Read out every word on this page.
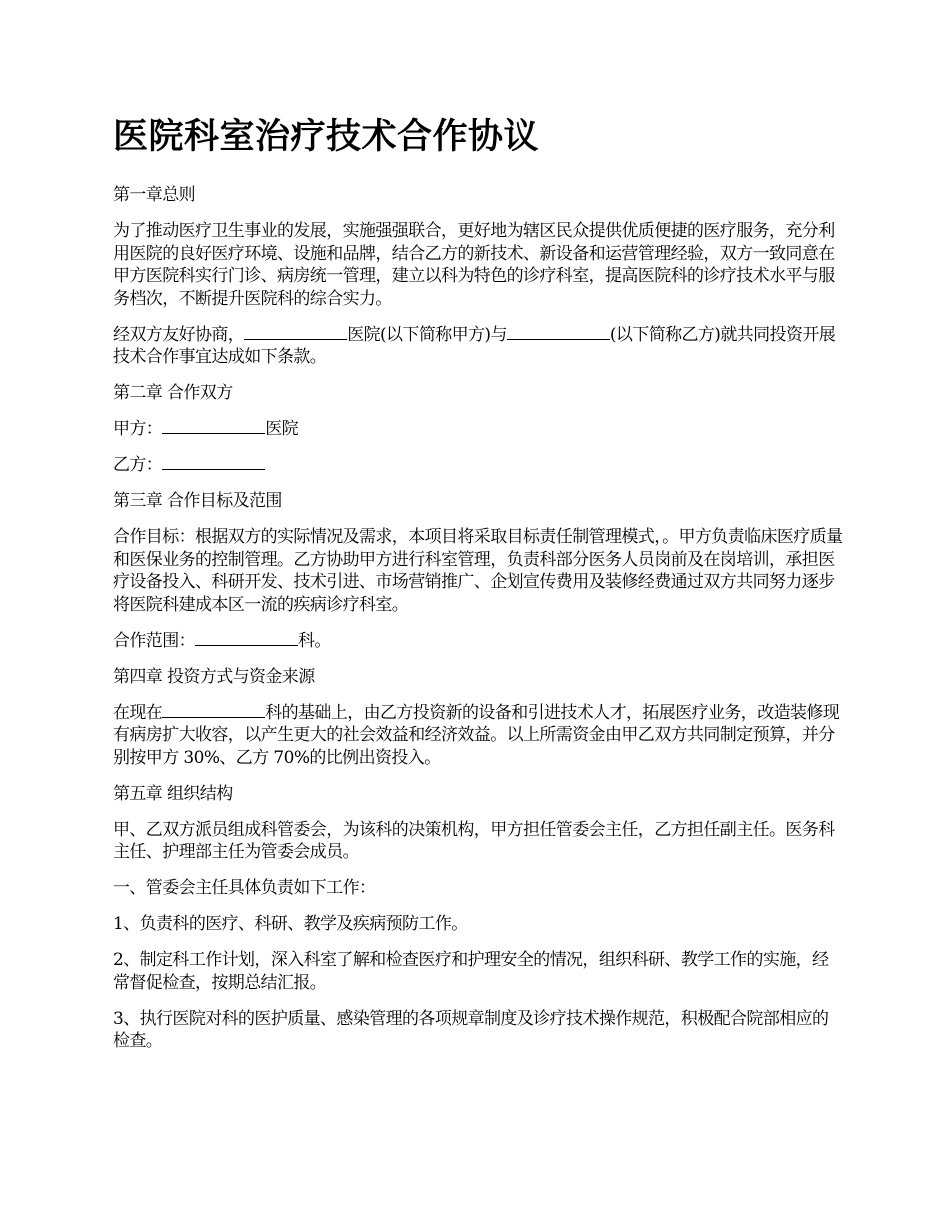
医院科室治疗技术合作协议

第一章总则

为了推动医疗卫生事业的发展，实施强强联合，更好地为辖区民众提供优质便捷的医疗服务，充分利用医院的良好医疗环境、设施和品牌，结合乙方的新技术、新设备和运营管理经验，双方一致同意在甲方医院科实行门诊、病房统一管理，建立以科为特色的诊疗科室，提高医院科的诊疗技术水平与服务档次，不断提升医院科的综合实力。

经双方友好协商，	医院(以下简称甲方)与	(以下简称乙方)就共同投资开展技术合作事宜达成如下条款。

第二章 合作双方

甲方：	医院

乙方：

第三章 合作目标及范围

合作目标：根据双方的实际情况及需求，本项目将采取目标责任制管理模式，。甲方负责临床医疗质量和医保业务的控制管理。乙方协助甲方进行科室管理，负责科部分医务人员岗前及在岗培训，承担医疗设备投入、科研开发、技术引进、市场营销推广、企划宣传费用及装修经费通过双方共同努力逐步将医院科建成本区一流的疾病诊疗科室。

合作范围：	科。

第四章 投资方式与资金来源

在现在	科的基础上，由乙方投资新的设备和引进技术人才，拓展医疗业务，改造装修现有病房扩大收容，以产生更大的社会效益和经济效益。以上所需资金由甲乙双方共同制定预算，并分别按甲方 30%、乙方 70%的比例出资投入。

第五章 组织结构

甲、乙双方派员组成科管委会，为该科的决策机构，甲方担任管委会主任，乙方担任副主任。医务科主任、护理部主任为管委会成员。

一、管委会主任具体负责如下工作：

1、负责科的医疗、科研、教学及疾病预防工作。

2、制定科工作计划，深入科室了解和检查医疗和护理安全的情况，组织科研、教学工作的实施，经常督促检查，按期总结汇报。

3、执行医院对科的医护质量、感染管理的各项规章制度及诊疗技术操作规范，积极配合院部相应的检查。
